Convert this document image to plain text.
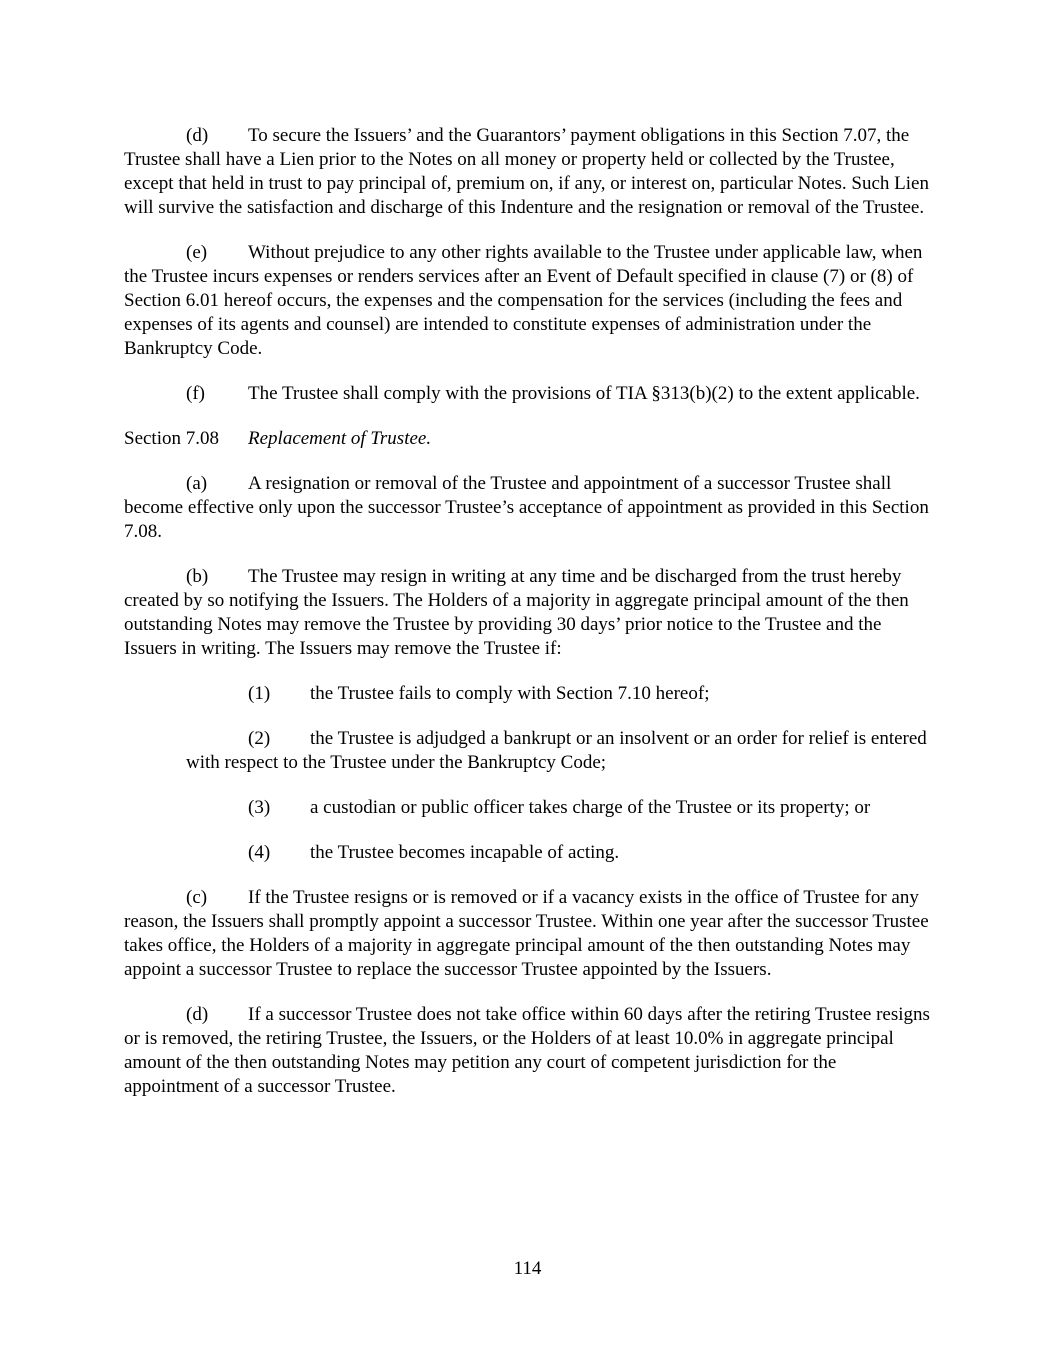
(d) To secure the Issuers’ and the Guarantors’ payment obligations in this Section 7.07, the Trustee shall have a Lien prior to the Notes on all money or property held or collected by the Trustee, except that held in trust to pay principal of, premium on, if any, or interest on, particular Notes. Such Lien will survive the satisfaction and discharge of this Indenture and the resignation or removal of the Trustee.

(e) Without prejudice to any other rights available to the Trustee under applicable law, when the Trustee incurs expenses or renders services after an Event of Default specified in clause (7) or (8) of Section 6.01 hereof occurs, the expenses and the compensation for the services (including the fees and expenses of its agents and counsel) are intended to constitute expenses of administration under the Bankruptcy Code.

(f) The Trustee shall comply with the provisions of TIA §313(b)(2) to the extent applicable.

Section 7.08 Replacement of Trustee.

(a) A resignation or removal of the Trustee and appointment of a successor Trustee shall become effective only upon the successor Trustee’s acceptance of appointment as provided in this Section 7.08.

(b) The Trustee may resign in writing at any time and be discharged from the trust hereby created by so notifying the Issuers. The Holders of a majority in aggregate principal amount of the then outstanding Notes may remove the Trustee by providing 30 days’ prior notice to the Trustee and the Issuers in writing. The Issuers may remove the Trustee if:

(1) the Trustee fails to comply with Section 7.10 hereof;

(2) the Trustee is adjudged a bankrupt or an insolvent or an order for relief is entered with respect to the Trustee under the Bankruptcy Code;

(3) a custodian or public officer takes charge of the Trustee or its property; or

(4) the Trustee becomes incapable of acting.

(c) If the Trustee resigns or is removed or if a vacancy exists in the office of Trustee for any reason, the Issuers shall promptly appoint a successor Trustee. Within one year after the successor Trustee takes office, the Holders of a majority in aggregate principal amount of the then outstanding Notes may appoint a successor Trustee to replace the successor Trustee appointed by the Issuers.

(d) If a successor Trustee does not take office within 60 days after the retiring Trustee resigns or is removed, the retiring Trustee, the Issuers, or the Holders of at least 10.0% in aggregate principal amount of the then outstanding Notes may petition any court of competent jurisdiction for the appointment of a successor Trustee.

114
